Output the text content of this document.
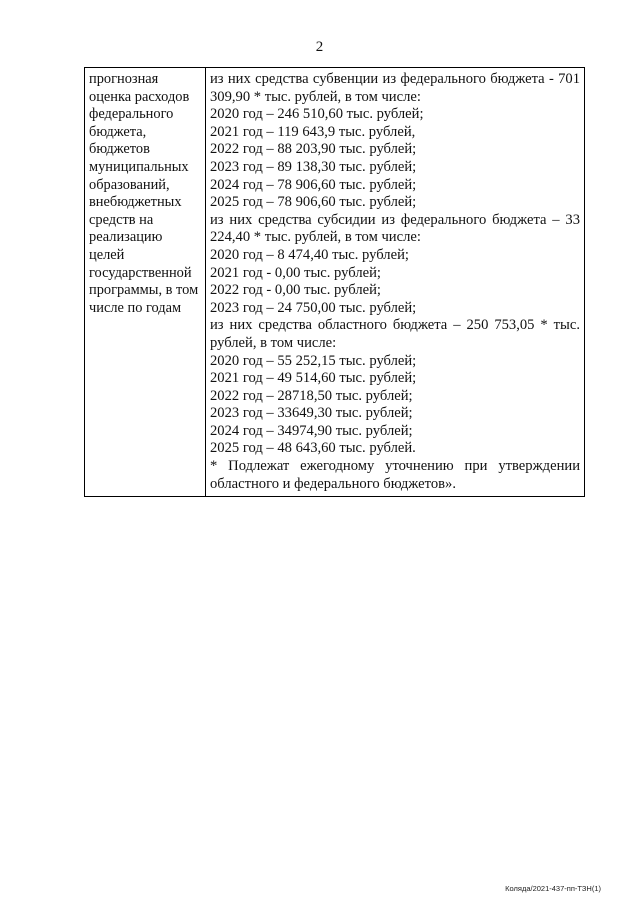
2

прогнозная оценка расходов федерального бюджета, бюджетов муниципальных образований, внебюджетных средств на реализацию целей государственной программы, в том числе по годам

из них средства субвенции из федерального бюджета - 701 309,90 * тыс. рублей, в том числе:
2020 год – 246 510,60 тыс. рублей;
2021 год – 119 643,9 тыс. рублей,
2022 год – 88 203,90 тыс. рублей;
2023 год – 89 138,30 тыс. рублей;
2024 год – 78 906,60 тыс. рублей;
2025 год – 78 906,60 тыс. рублей;
из них средства субсидии из федерального бюджета – 33 224,40 * тыс. рублей, в том числе:
2020 год – 8 474,40 тыс. рублей;
2021 год - 0,00 тыс. рублей;
2022 год - 0,00 тыс. рублей;
2023 год – 24 750,00 тыс. рублей;
из них средства областного бюджета – 250 753,05 * тыс. рублей, в том числе:
2020 год – 55 252,15 тыс. рублей;
2021 год – 49 514,60 тыс. рублей;
2022 год – 28718,50 тыс. рублей;
2023 год – 33649,30 тыс. рублей;
2024 год – 34974,90 тыс. рублей;
2025 год – 48 643,60 тыс. рублей.
* Подлежат ежегодному уточнению при утверждении областного и федерального бюджетов».
Коляда/2021-437-пп-ТЗН(1)
